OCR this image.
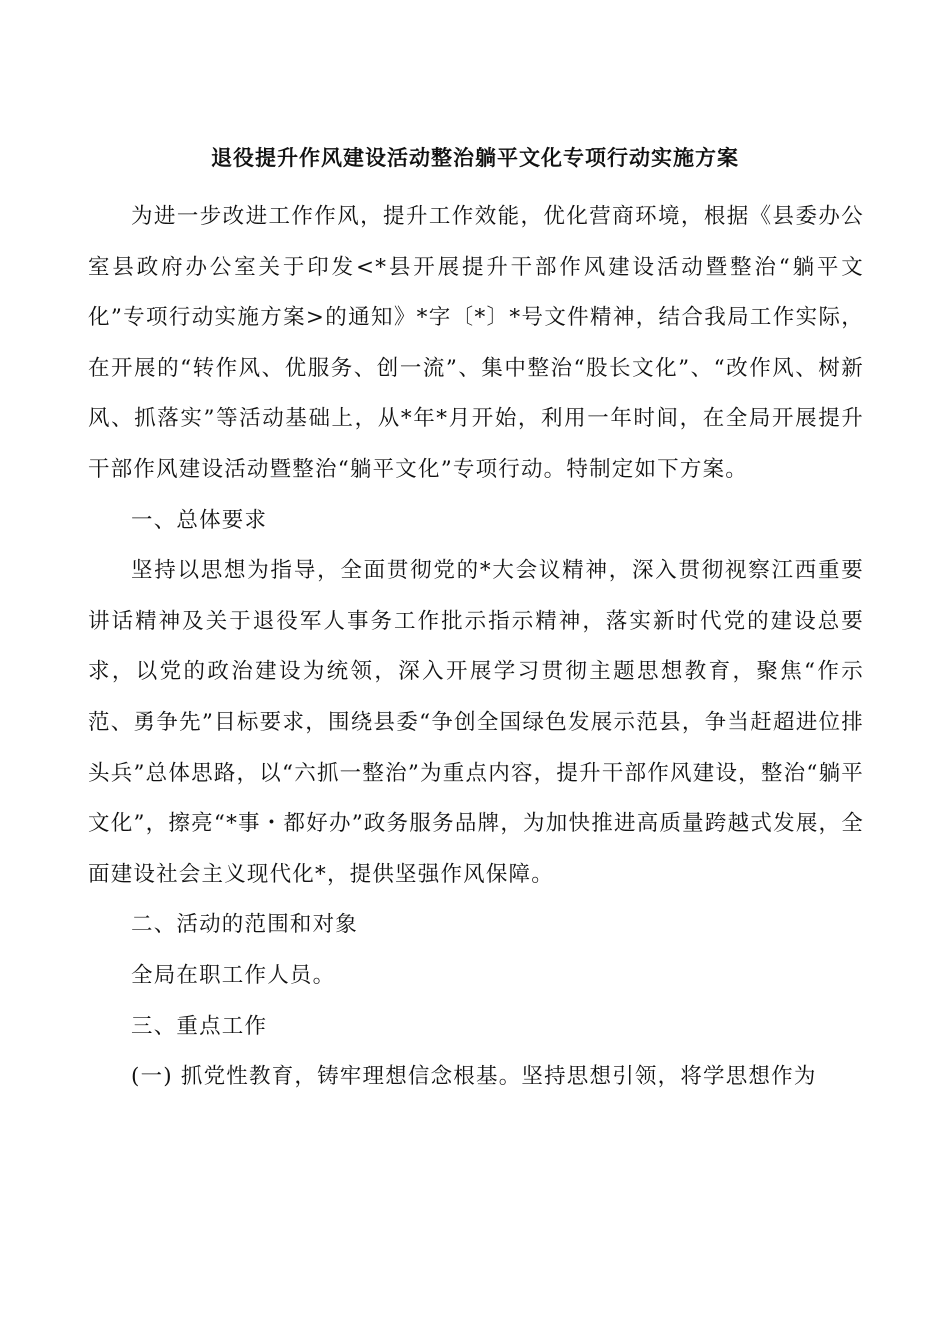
退役提升作风建设活动整治躺平文化专项行动实施方案

为进一步改进工作作风，提升工作效能，优化营商环境，根据《县委办公室县政府办公室关于印发<*县开展提升干部作风建设活动暨整治“躺平文化”专项行动实施方案>的通知》*字〔*〕*号文件精神，结合我局工作实际，在开展的“转作风、优服务、创一流”、集中整治“股长文化”、“改作风、树新风、抓落实”等活动基础上，从*年*月开始，利用一年时间，在全局开展提升干部作风建设活动暨整治“躺平文化”专项行动。特制定如下方案。

一、总体要求

坚持以思想为指导，全面贯彻党的*大会议精神，深入贯彻视察江西重要讲话精神及关于退役军人事务工作批示指示精神，落实新时代党的建设总要求，以党的政治建设为统领，深入开展学习贯彻主题思想教育，聚焦“作示范、勇争先”目标要求，围绕县委“争创全国绿色发展示范县，争当赶超进位排头兵”总体思路，以“六抓一整治”为重点内容，提升干部作风建设，整治“躺平文化”，擦亮“*事・都好办”政务服务品牌，为加快推进高质量跨越式发展，全面建设社会主义现代化*，提供坚强作风保障。

二、活动的范围和对象

全局在职工作人员。

三、重点工作

(一) 抓党性教育，铸牢理想信念根基。坚持思想引领，将学思想作为
